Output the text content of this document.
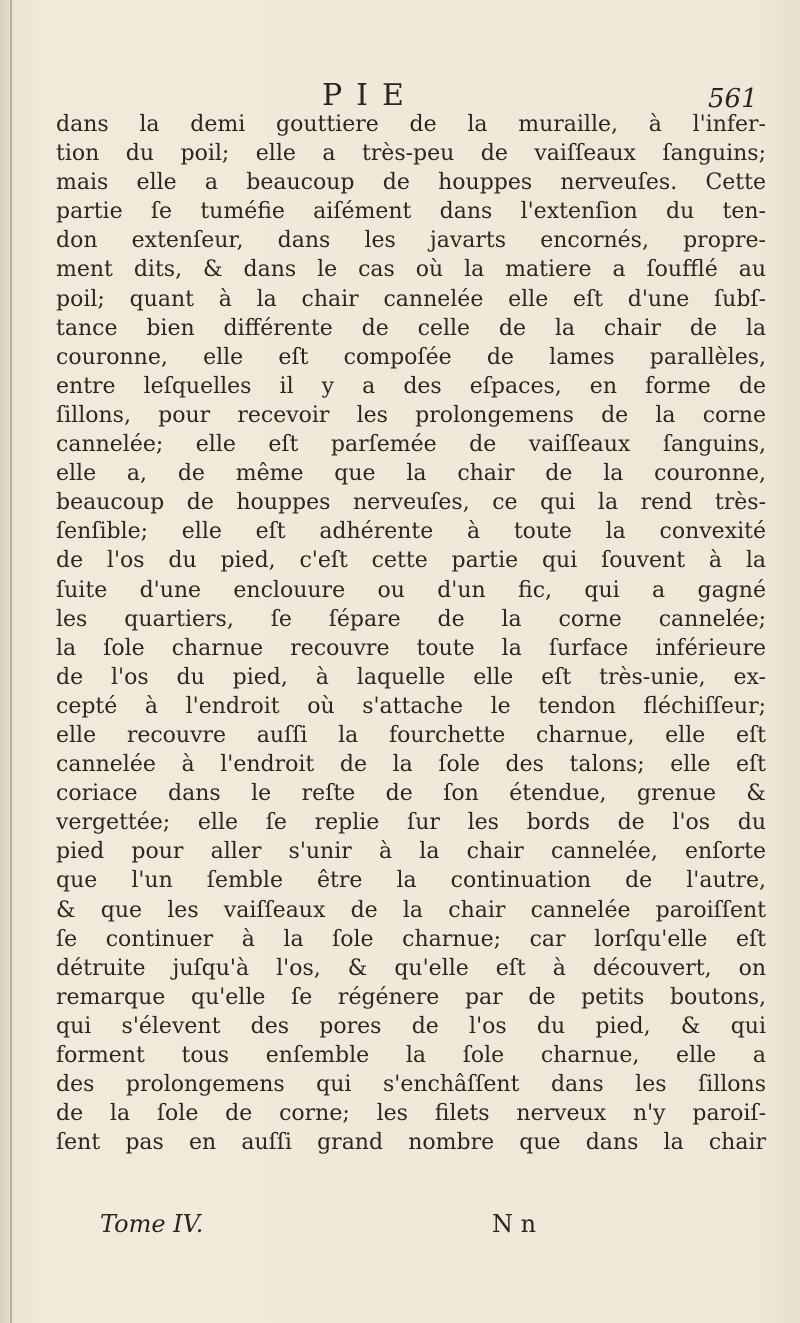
PIE	561
dans la demi gouttiere de la muraille, à l'infer-
tion du poil; elle a très-peu de vaiſſeaux ſanguins;
mais elle a beaucoup de houppes nerveuſes. Cette
partie ſe tuméfie aiſément dans l'extenſion du ten-
don extenſeur, dans les javarts encornés, propre-
ment dits, & dans le cas où la matiere a ſoufflé au
poil; quant à la chair cannelée elle eſt d'une ſubſ-
tance bien différente de celle de la chair de la
couronne, elle eſt compoſée de lames parallèles,
entre leſquelles il y a des eſpaces, en forme de
ſillons, pour recevoir les prolongemens de la corne
cannelée; elle eſt parſemée de vaiſſeaux ſanguins,
elle a, de même que la chair de la couronne,
beaucoup de houppes nerveuſes, ce qui la rend très-
ſenſible; elle eſt adhérente à toute la convexité
de l'os du pied, c'eſt cette partie qui ſouvent à la
ſuite d'une enclouure ou d'un fic, qui a gagné
les quartiers, ſe ſépare de la corne cannelée;
la ſole charnue recouvre toute la ſurface inférieure
de l'os du pied, à laquelle elle eſt très-unie, ex-
cepté à l'endroit où s'attache le tendon fléchiſſeur;
elle recouvre auſſi la fourchette charnue, elle eſt
cannelée à l'endroit de la ſole des talons; elle eſt
coriace dans le reſte de ſon étendue, grenue &
vergettée; elle ſe replie ſur les bords de l'os du
pied pour aller s'unir à la chair cannelée, enſorte
que l'un ſemble être la continuation de l'autre,
& que les vaiſſeaux de la chair cannelée paroiſſent
ſe continuer à la ſole charnue; car lorſqu'elle eſt
détruite juſqu'à l'os, & qu'elle eſt à découvert, on
remarque qu'elle ſe régénere par de petits boutons,
qui s'élevent des pores de l'os du pied, & qui
forment tous enſemble la ſole charnue, elle a
des prolongemens qui s'enchâſſent dans les ſillons
de la ſole de corne; les filets nerveux n'y paroiſ-
ſent pas en auſſi grand nombre que dans la chair
Tome IV.	N n
